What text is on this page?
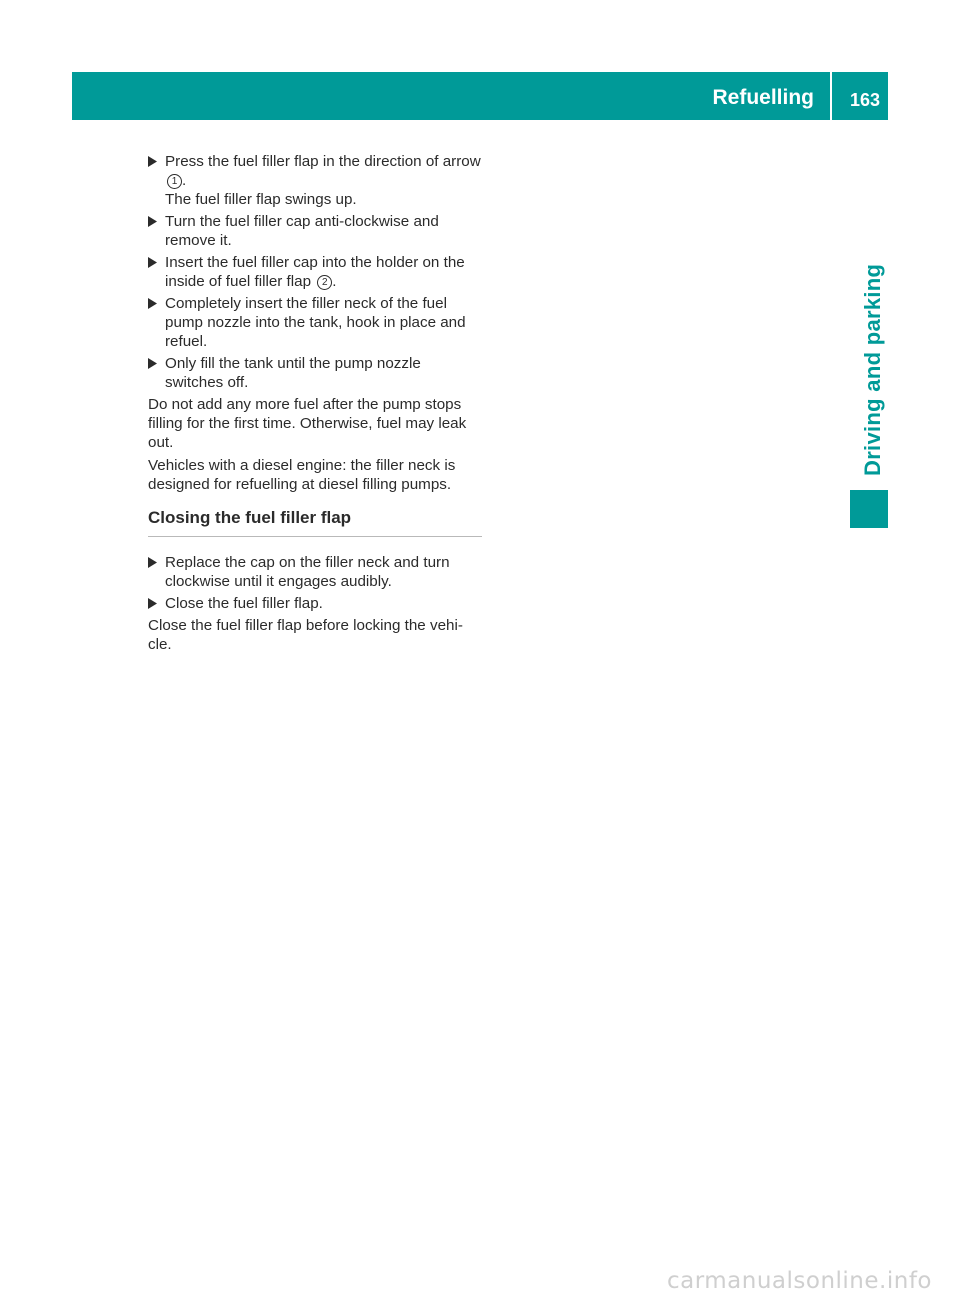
Refuelling	163
Driving and parking
Press the fuel filler flap in the direction of arrow 1 .
The fuel filler flap swings up.
Turn the fuel filler cap anti-clockwise and remove it.
Insert the fuel filler cap into the holder on the inside of fuel filler flap 2 .
Completely insert the filler neck of the fuel pump nozzle into the tank, hook in place and refuel.
Only fill the tank until the pump nozzle switches off.
Do not add any more fuel after the pump stops filling for the first time. Otherwise, fuel may leak out.
Vehicles with a diesel engine: the filler neck is designed for refuelling at diesel filling pumps.
Closing the fuel filler flap
Replace the cap on the filler neck and turn clockwise until it engages audibly.
Close the fuel filler flap.
Close the fuel filler flap before locking the vehi-cle.
carmanualsonline.info
